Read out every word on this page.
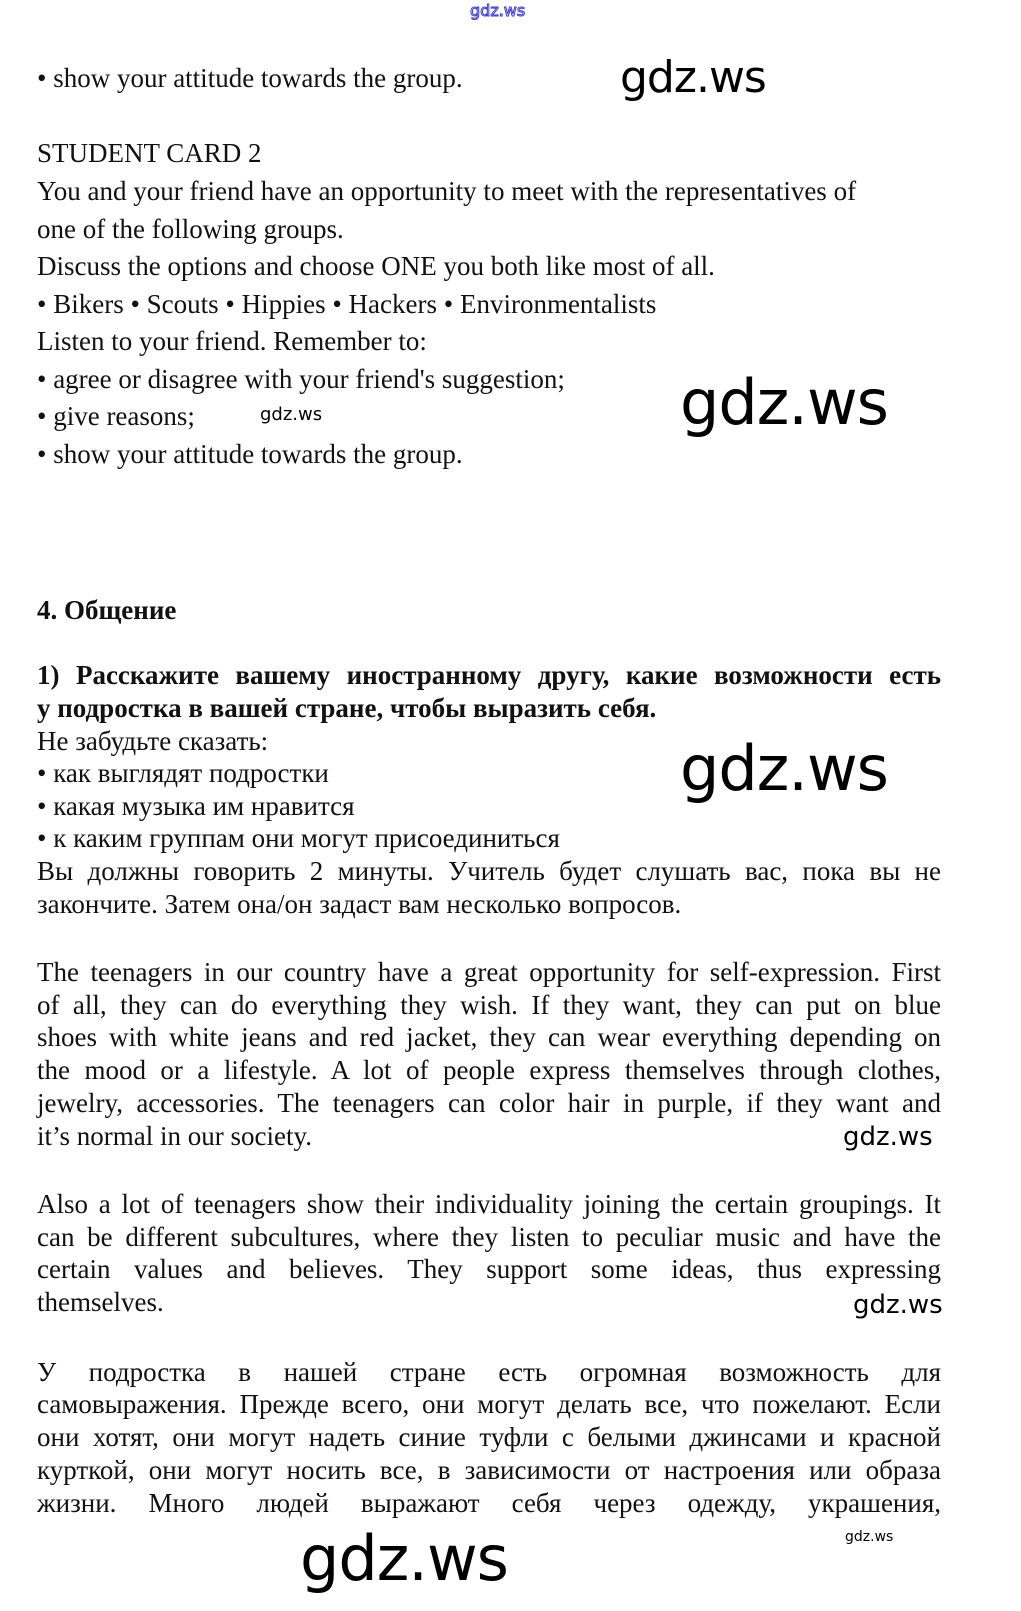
gdz.ws
• show your attitude towards the group.	gdz.ws
STUDENT CARD 2
You and your friend have an opportunity to meet with the representatives of
one of the following groups.
Discuss the options and choose ONE you both like most of all.
• Bikers • Scouts • Hippies • Hackers • Environmentalists
Listen to your friend. Remember to:
• agree or disagree with your friend's suggestion;
• give reasons;
• show your attitude towards the group.
gdz.ws
gdz.ws
4. Общение
1) Расскажите вашему иностранному другу, какие возможности есть
у подростка в вашей стране, чтобы выразить себя.
Не забудьте сказать:
• как выглядят подростки
• какая музыка им нравится
• к каким группам они могут присоединиться
Вы должны говорить 2 минуты. Учитель будет слушать вас, пока вы не
закончите. Затем она/он задаст вам несколько вопросов.
gdz.ws
The teenagers in our country have a great opportunity for self-expression. First
of all, they can do everything they wish. If they want, they can put on blue
shoes with white jeans and red jacket, they can wear everything depending on
the mood or a lifestyle. A lot of people express themselves through clothes,
jewelry, accessories. The teenagers can color hair in purple, if they want and
it’s normal in our society.	gdz.ws
Also a lot of teenagers show their individuality joining the certain groupings. It
can be different subcultures, where they listen to peculiar music and have the
certain values and believes. They support some ideas, thus expressing
themselves.
gdz.ws
gdz.ws
У подростка в нашей стране есть огромная возможность для
самовыражения. Прежде всего, они могут делать все, что пожелают. Если
они хотят, они могут надеть синие туфли с белыми джинсами и красной
курткой, они могут носить все, в зависимости от настроения или образа
жизни. Много людей выражают себя через одежду, украшения,
gdz.ws
